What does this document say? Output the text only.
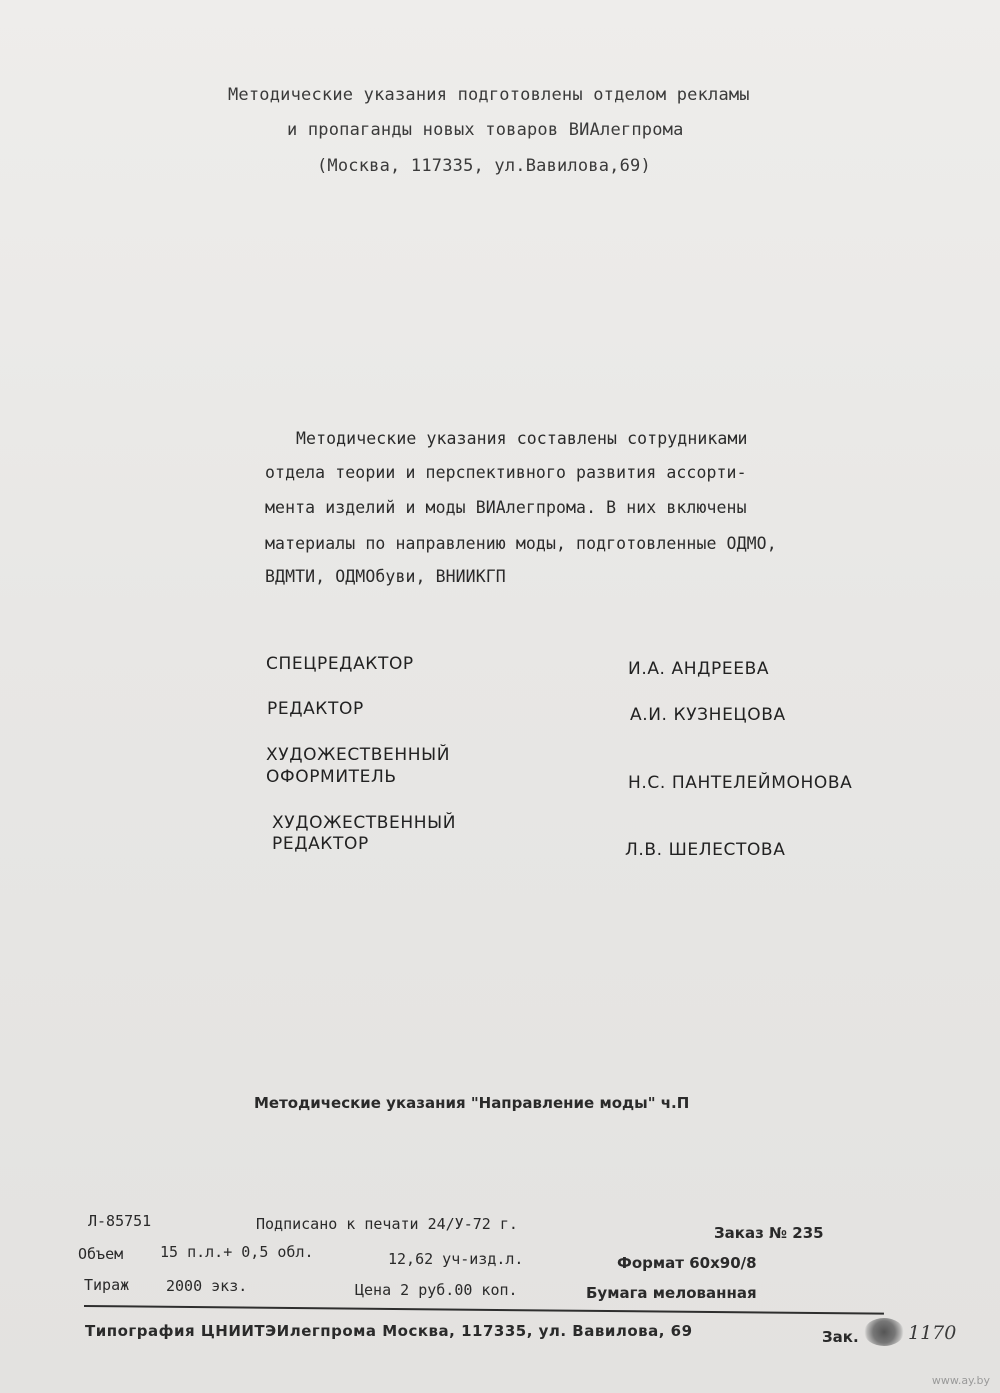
Методические указания подготовлены отделом рекламы
и пропаганды новых товаров ВИАлегпрома
(Москва, 117335, ул.Вавилова,69)
Методические указания составлены сотрудниками
отдела теории и перспективного развития ассорти-
мента изделий и моды ВИАлегпрома. В них включены
материалы по направлению моды, подготовленные ОДМО,
ВДМТИ, ОДМОбуви, ВНИИКГП
СПЕЦРЕДАКТОР	И.А. АНДРЕЕВА
РЕДАКТОР	А.И. КУЗНЕЦОВА
ХУДОЖЕСТВЕННЫЙ
ОФОРМИТЕЛЬ	Н.С. ПАНТЕЛЕЙМОНОВА
ХУДОЖЕСТВЕННЫЙ
РЕДАКТОР	Л.В. ШЕЛЕСТОВА
Методические указания "Направление моды" ч.П
Л-85751	Подписано к печати 24/У-72 г.	Заказ № 235
Объем 15 п.л.+ 0,5 обл.	12,62 уч-изд.л.	Формат 60х90/8
Тираж 2000 экз.	Цена 2 руб.00 коп.	Бумага мелованная
Типография ЦНИИТЭИлегпрома Москва, 117335, ул. Вавилова, 69	Зак.	1170
www.ay.by
